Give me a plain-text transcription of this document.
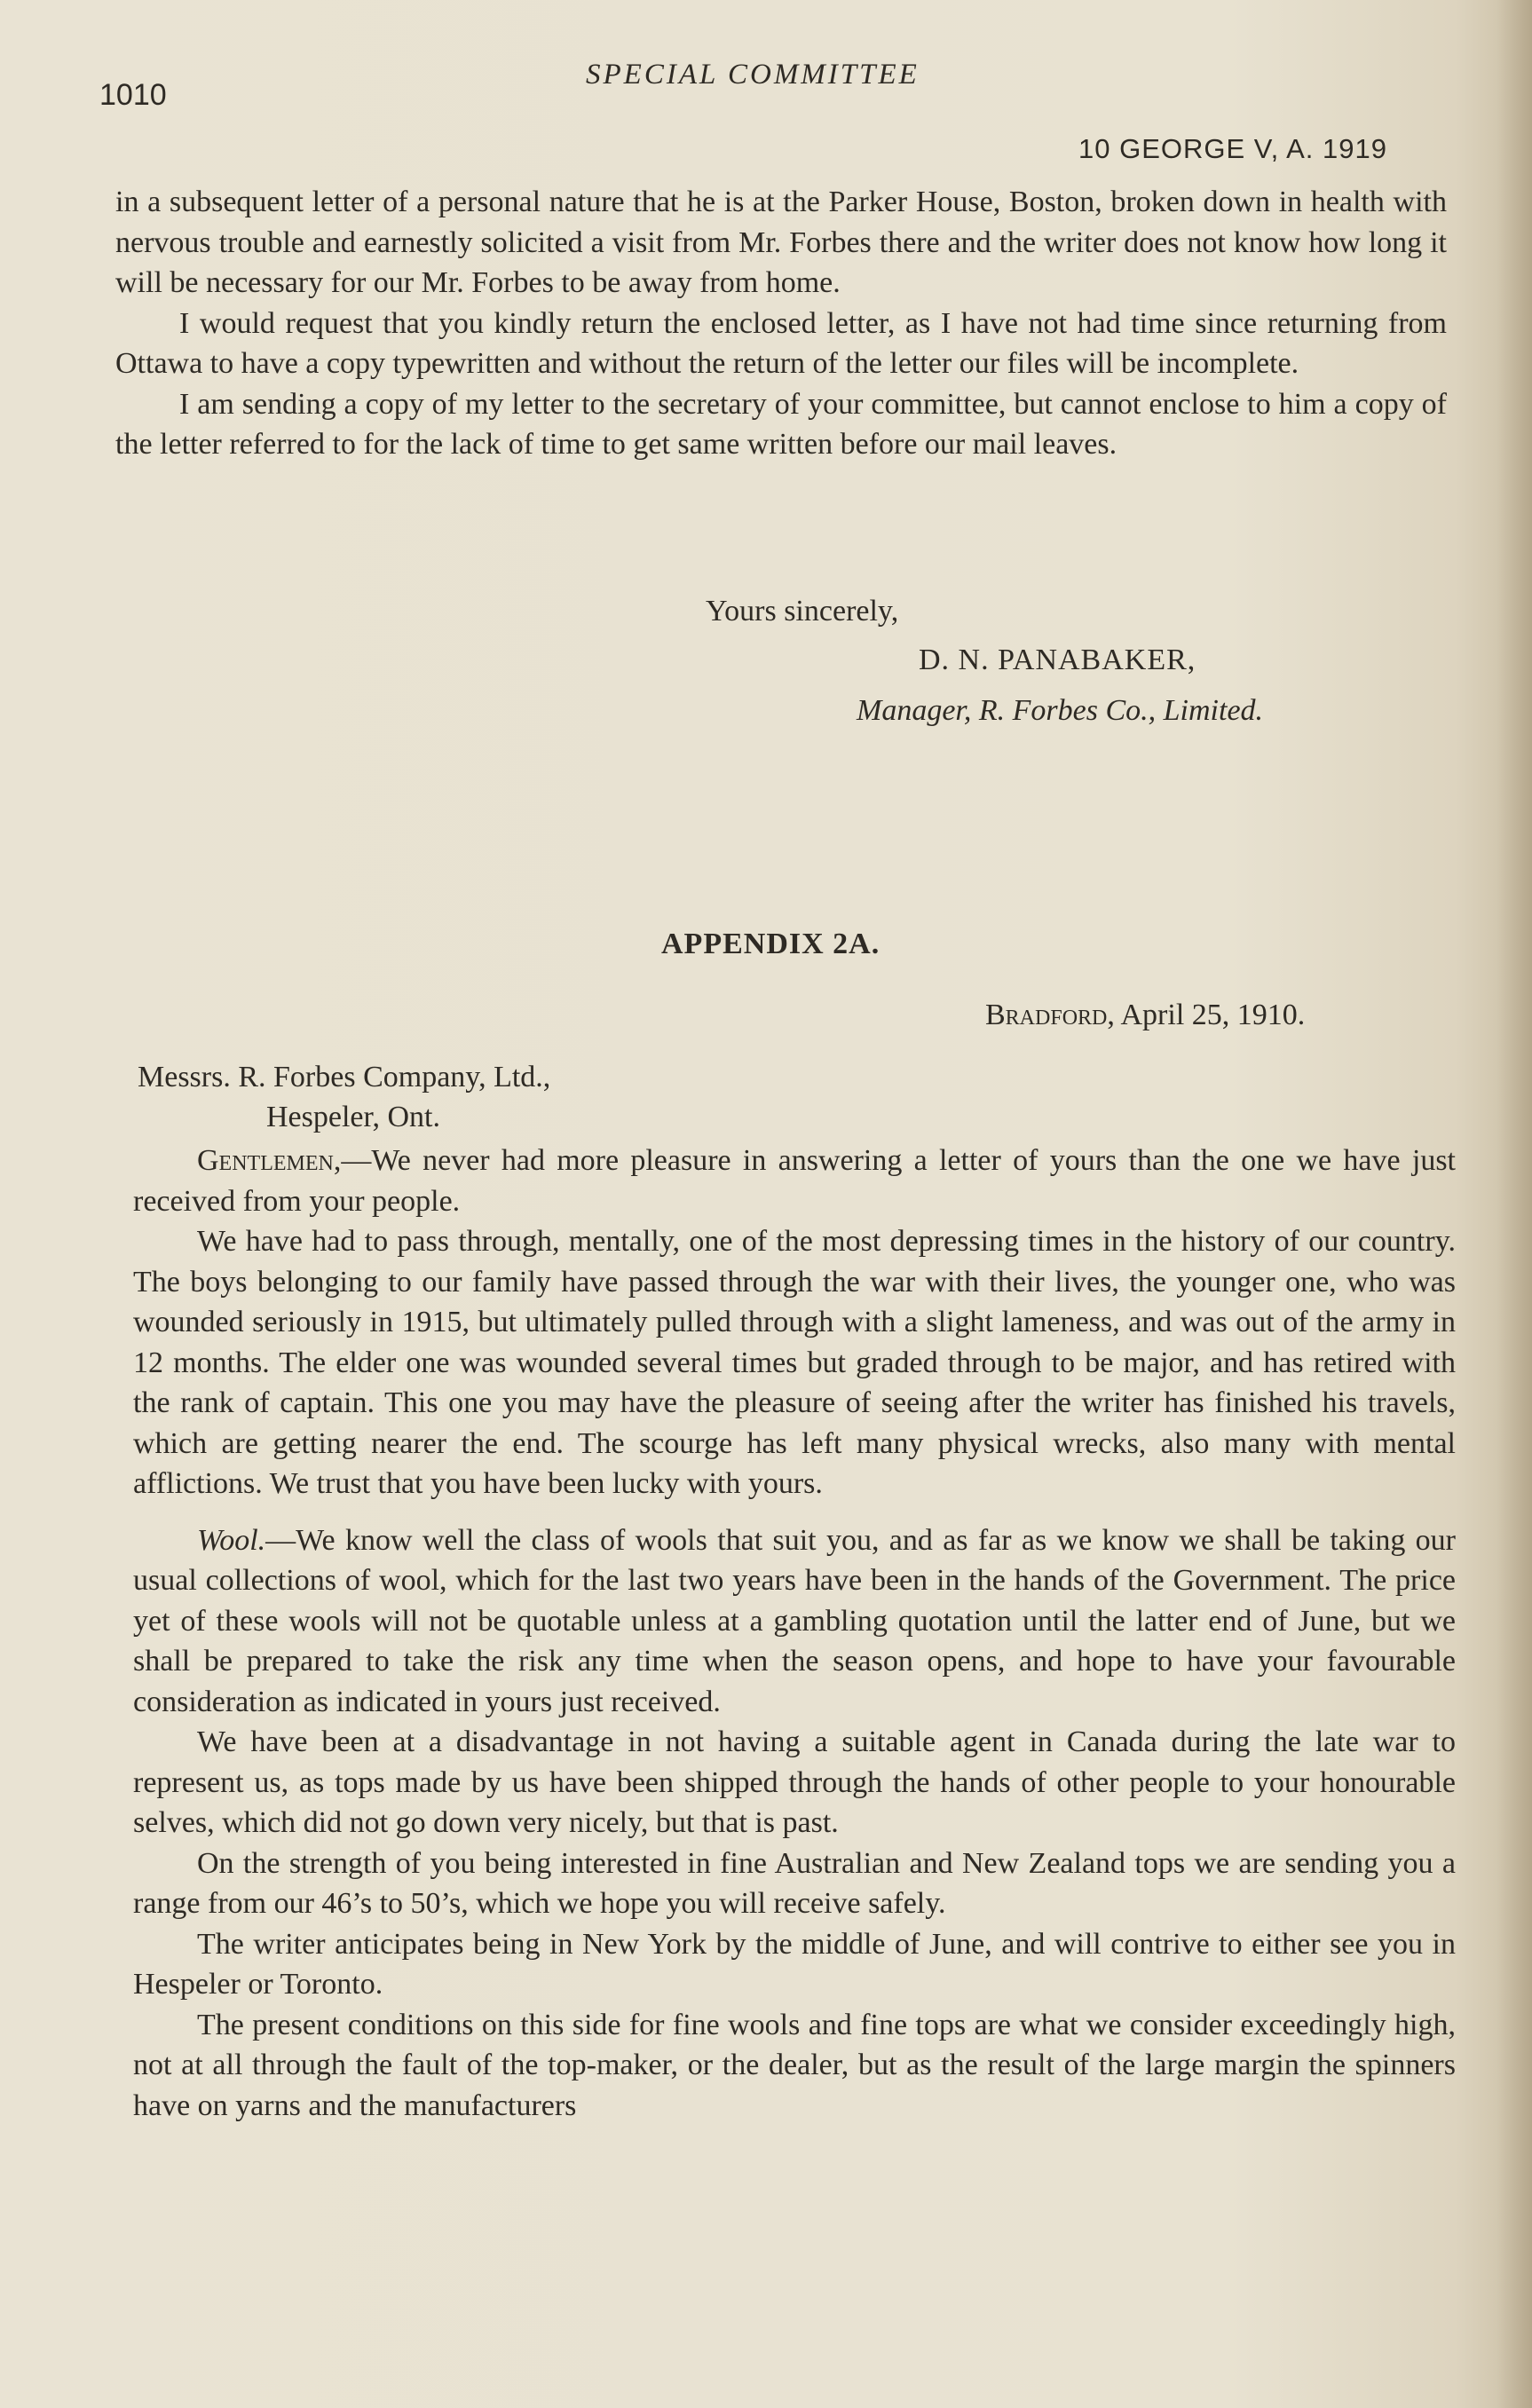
1010
SPECIAL COMMITTEE
10 GEORGE V, A. 1919

in a subsequent letter of a personal nature that he is at the Parker House, Boston, broken down in health with nervous trouble and earnestly solicited a visit from Mr. Forbes there and the writer does not know how long it will be necessary for our Mr. Forbes to be away from home.

I would request that you kindly return the enclosed letter, as I have not had time since returning from Ottawa to have a copy typewritten and without the return of the letter our files will be incomplete.

I am sending a copy of my letter to the secretary of your committee, but cannot enclose to him a copy of the letter referred to for the lack of time to get same written before our mail leaves.

Yours sincerely,
D. N. PANABAKER,
Manager, R. Forbes Co., Limited.
APPENDIX 2A.
Bradford, April 25, 1910.
Messrs. R. Forbes Company, Ltd.,
Hespeler, Ont.

Gentlemen,—We never had more pleasure in answering a letter of yours than the one we have just received from your people.

We have had to pass through, mentally, one of the most depressing times in the history of our country. The boys belonging to our family have passed through the war with their lives, the younger one, who was wounded seriously in 1915, but ultimately pulled through with a slight lameness, and was out of the army in 12 months. The elder one was wounded several times but graded through to be major, and has retired with the rank of captain. This one you may have the pleasure of seeing after the writer has finished his travels, which are getting nearer the end. The scourge has left many physical wrecks, also many with mental afflictions. We trust that you have been lucky with yours.

Wool.—We know well the class of wools that suit you, and as far as we know we shall be taking our usual collections of wool, which for the last two years have been in the hands of the Government. The price yet of these wools will not be quotable unless at a gambling quotation until the latter end of June, but we shall be prepared to take the risk any time when the season opens, and hope to have your favourable consideration as indicated in yours just received.

We have been at a disadvantage in not having a suitable agent in Canada during the late war to represent us, as tops made by us have been shipped through the hands of other people to your honourable selves, which did not go down very nicely, but that is past.

On the strength of you being interested in fine Australian and New Zealand tops we are sending you a range from our 46’s to 50’s, which we hope you will receive safely.

The writer anticipates being in New York by the middle of June, and will contrive to either see you in Hespeler or Toronto.

The present conditions on this side for fine wools and fine tops are what we consider exceedingly high, not at all through the fault of the top-maker, or the dealer, but as the result of the large margin the spinners have on yarns and the manufacturers
